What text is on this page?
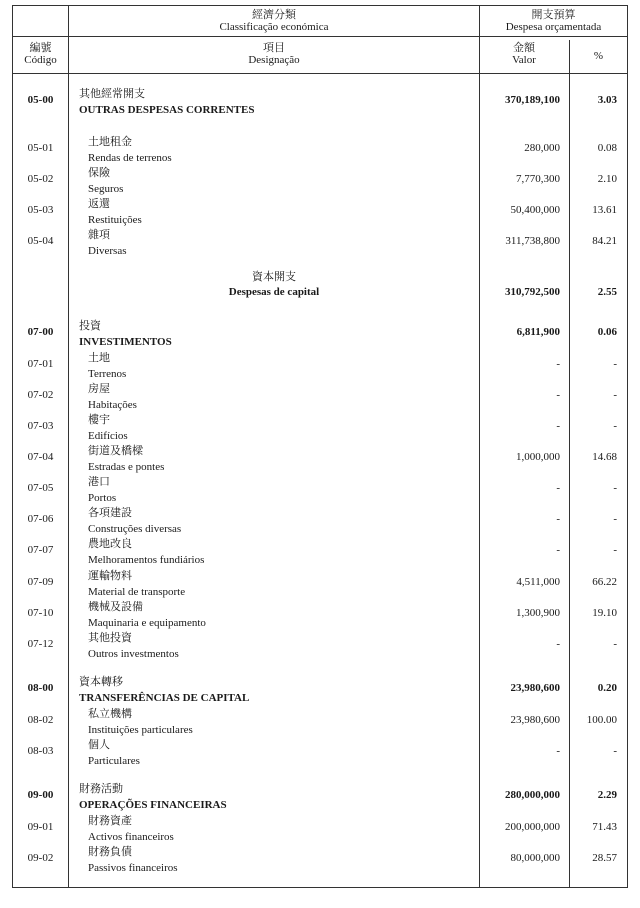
經濟分類
Classificação económica
開支預算
Despesa orçamentada
編號
Código
項目
Designação
金額
Valor	%
05-00	其他經常開支
OUTRAS DESPESAS CORRENTES
370,189,100	3.03
05-01	土地租金
Rendas de terrenos
280,000	0.08
05-02	保險
Seguros
7,770,300	2.10
05-03	返還
Restituições
50,400,000	13.61
05-04	雜項
Diversas
311,738,800	84.21
資本開支
Despesas de capital	310,792,500	2.55
07-00	投資
INVESTIMENTOS
6,811,900	0.06
07-01	土地
Terrenos
-	-
07-02	房屋
Habitações
-	-
07-03	樓宇
Edifícios
-	-
07-04	街道及橋樑
Estradas e pontes
1,000,000	14.68
07-05	港口
Portos
-	-
07-06	各項建設
Construções diversas
-	-
07-07	農地改良
Melhoramentos fundiários
-	-
07-09	運輸物料
Material de transporte
4,511,000	66.22
07-10	機械及設備
Maquinaria e equipamento
1,300,900	19.10
07-12	其他投資
Outros investmentos
-	-
08-00	資本轉移
TRANSFERÊNCIAS DE CAPITAL
23,980,600	0.20
08-02	私立機構
Instituições particulares
23,980,600	100.00
08-03	個人
Particulares
-	-
09-00	財務活動
OPERAÇÕES FINANCEIRAS
280,000,000	2.29
09-01	財務資產
Activos financeiros
200,000,000	71.43
09-02	財務負債
Passivos financeiros
80,000,000	28.57
